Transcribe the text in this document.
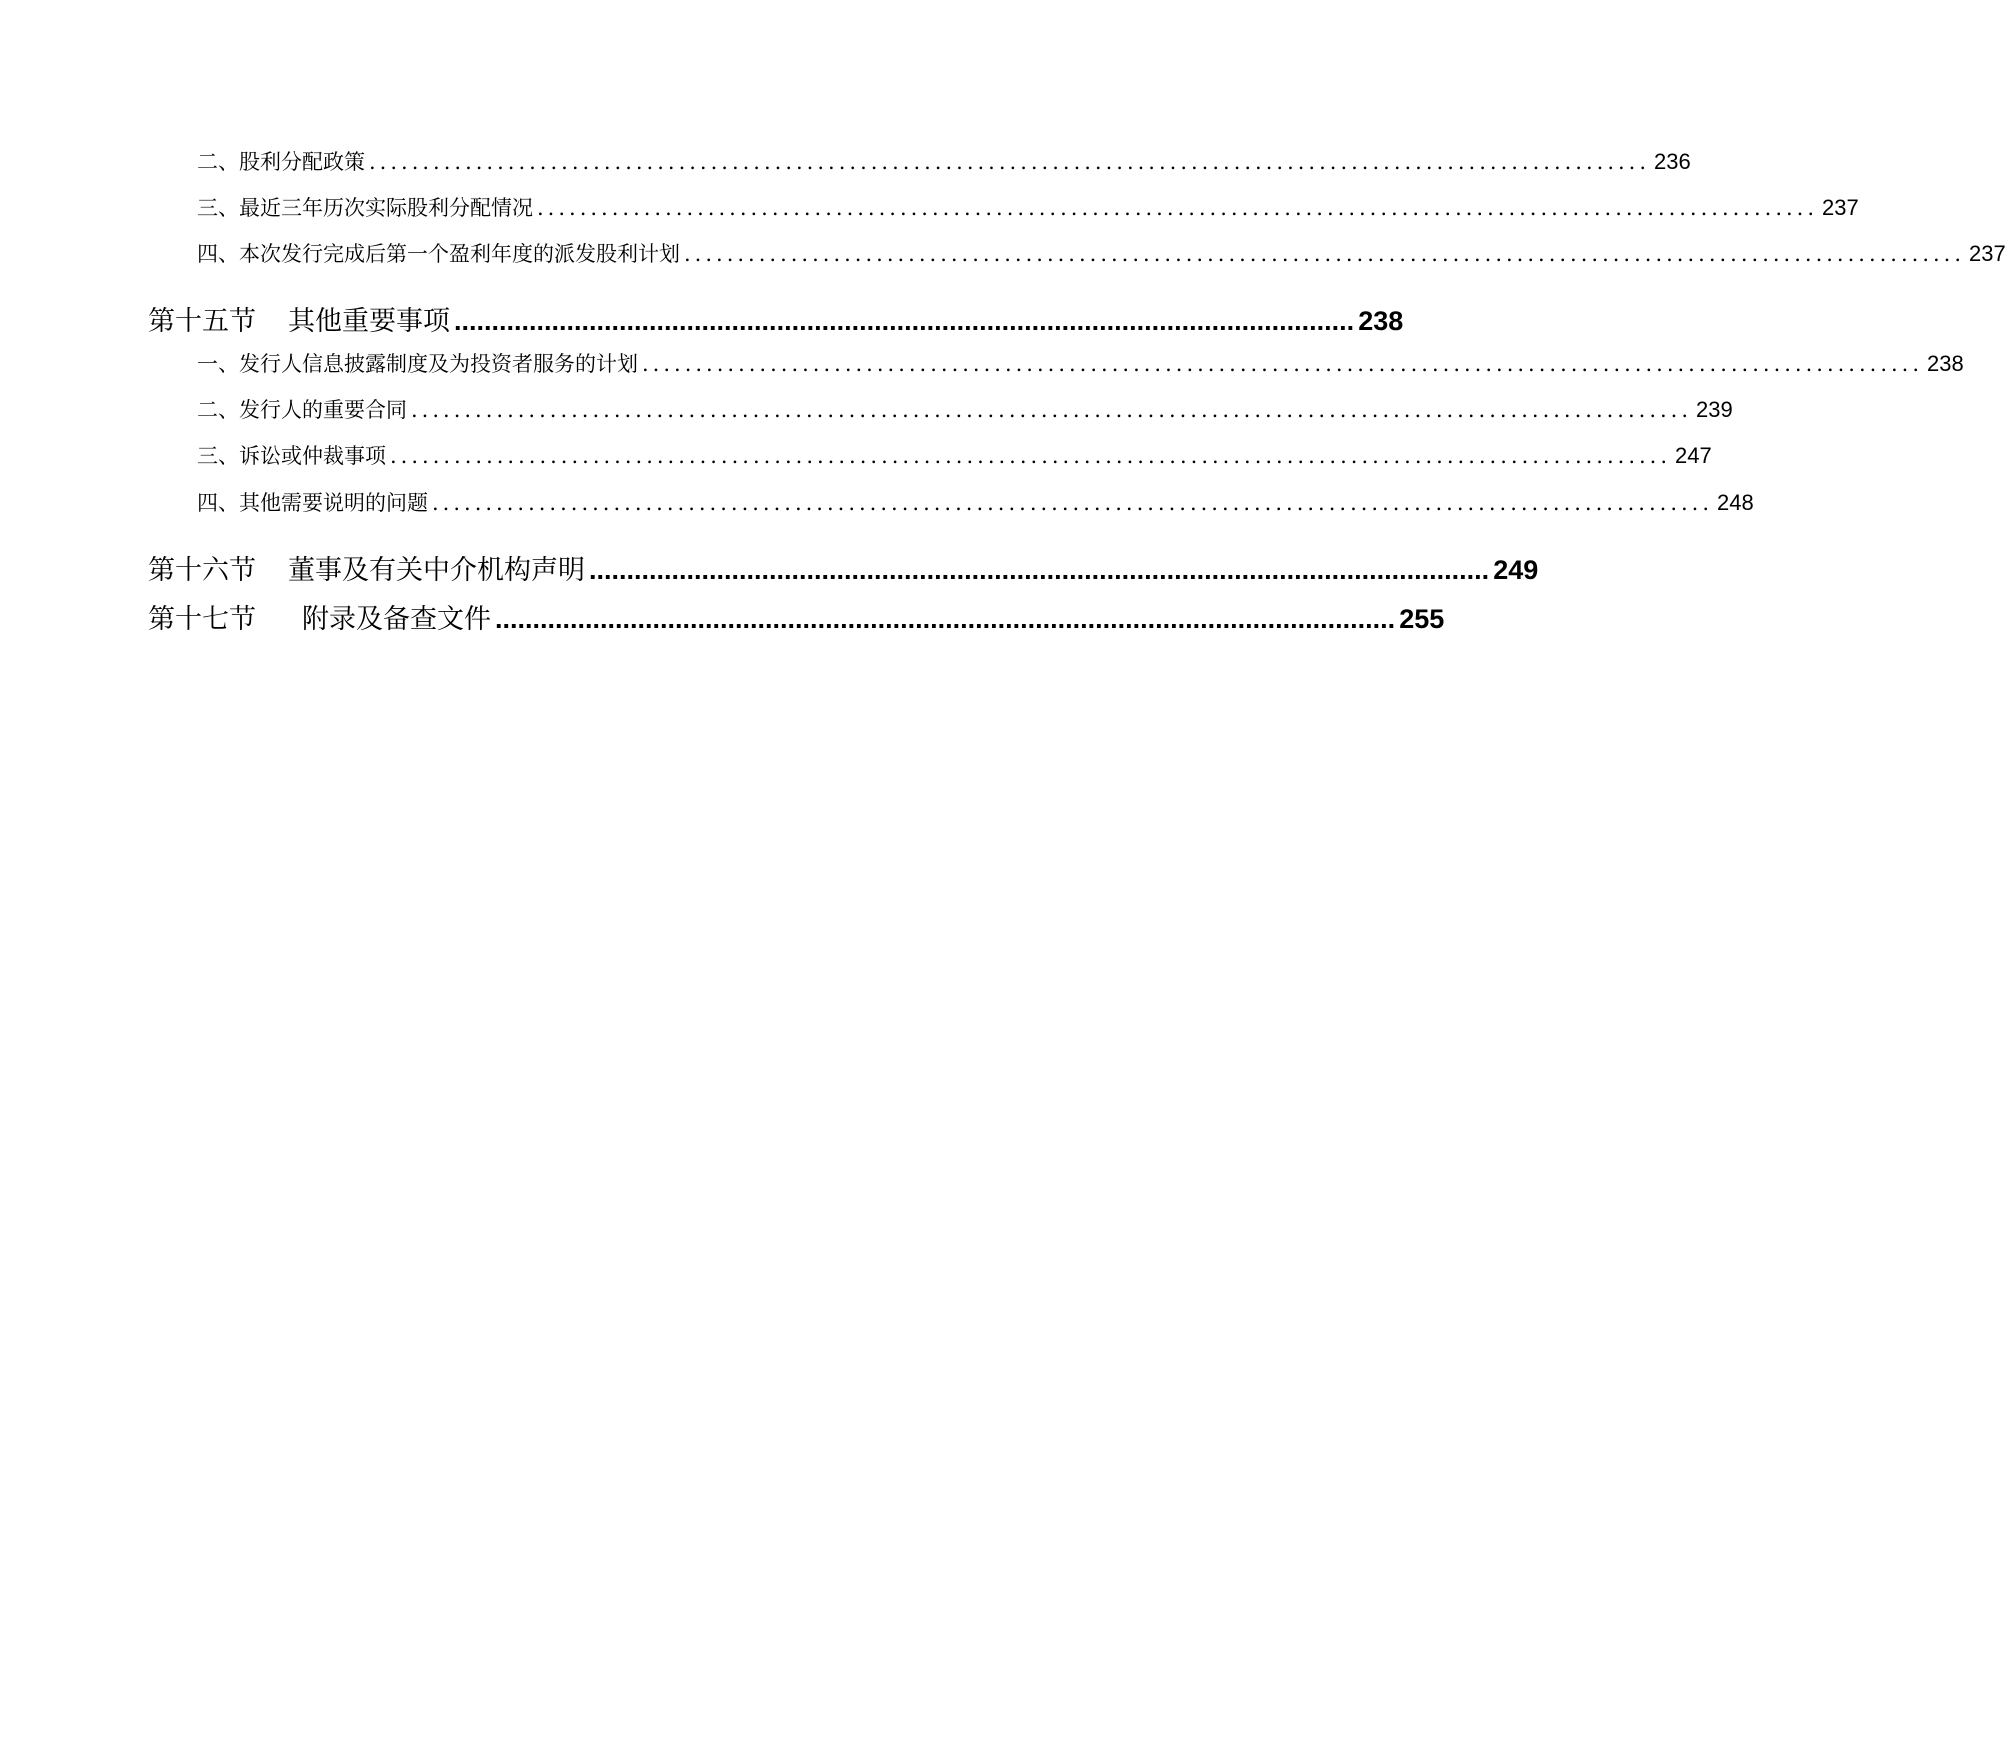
二、股利分配政策 ........................................................................................................................ 236
三、最近三年历次实际股利分配情况 ........................................................................................................................ 237
四、本次发行完成后第一个盈利年度的派发股利计划 ........................................................................................................................ 237
第十五节 其他重要事项 ........................................................................................................................ 238
一、发行人信息披露制度及为投资者服务的计划 ........................................................................................................................ 238
二、发行人的重要合同 ........................................................................................................................ 239
三、诉讼或仲裁事项 ........................................................................................................................ 247
四、其他需要说明的问题 ........................................................................................................................ 248
第十六节 董事及有关中介机构声明 ........................................................................................................................ 249
第十七节 附录及备查文件 ........................................................................................................................ 255
